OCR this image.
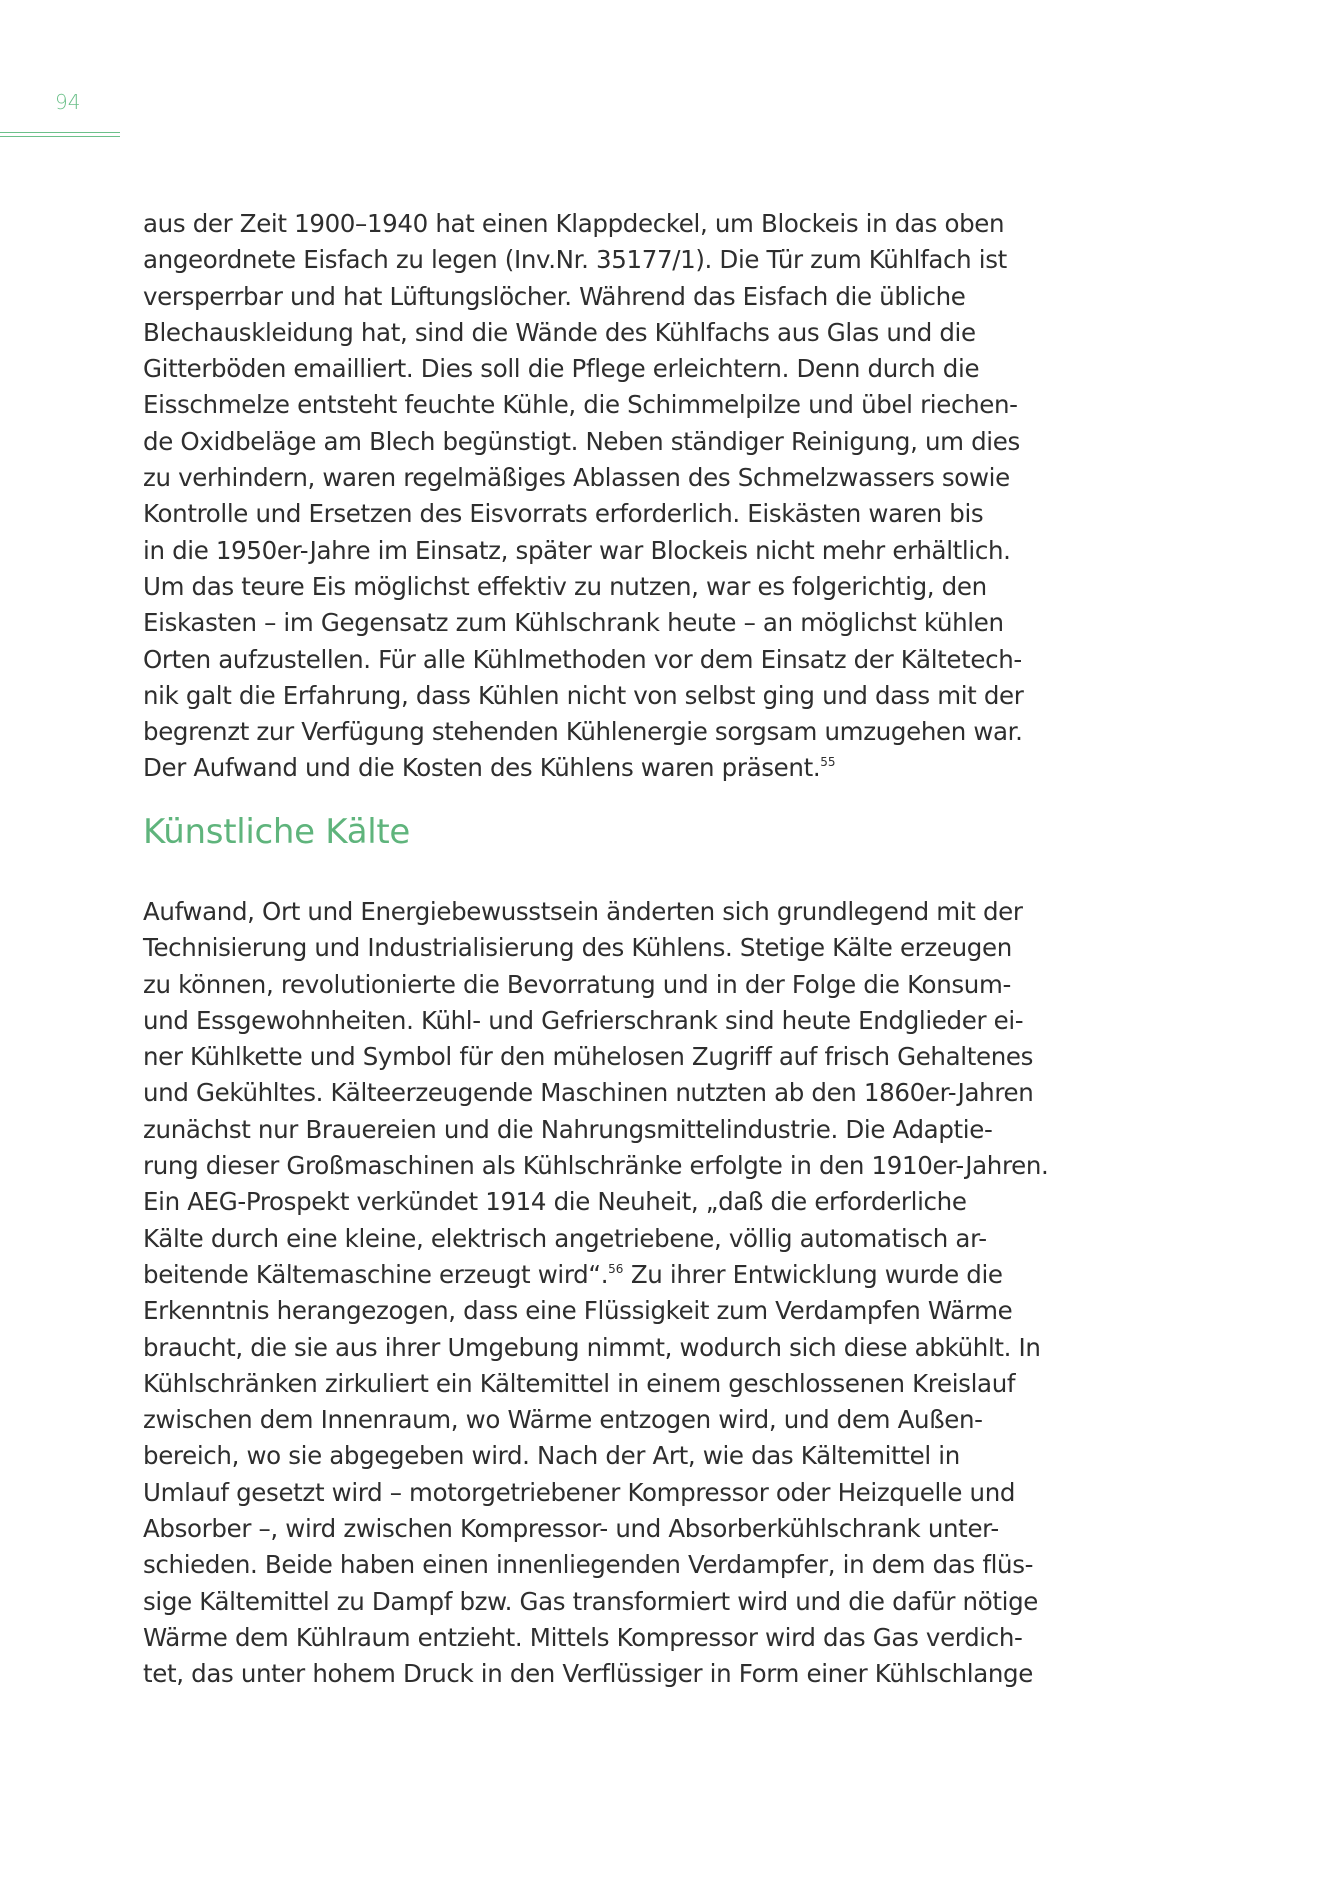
94
aus der Zeit 1900–1940 hat einen Klappdeckel, um Blockeis in das oben
angeordnete Eisfach zu legen (Inv.Nr. 35177/1). Die Tür zum Kühlfach ist
versperrbar und hat Lüftungslöcher. Während das Eisfach die übliche
Blechauskleidung hat, sind die Wände des Kühlfachs aus Glas und die
Gitterböden emailliert. Dies soll die Pflege erleichtern. Denn durch die
Eisschmelze entsteht feuchte Kühle, die Schimmelpilze und übel riechen-
de Oxidbeläge am Blech begünstigt. Neben ständiger Reinigung, um dies
zu verhindern, waren regelmäßiges Ablassen des Schmelzwassers sowie
Kontrolle und Ersetzen des Eisvorrats erforderlich. Eiskästen waren bis
in die 1950er-Jahre im Einsatz, später war Blockeis nicht mehr erhältlich.
Um das teure Eis möglichst effektiv zu nutzen, war es folgerichtig, den
Eiskasten – im Gegensatz zum Kühlschrank heute – an möglichst kühlen
Orten aufzustellen. Für alle Kühlmethoden vor dem Einsatz der Kältetech-
nik galt die Erfahrung, dass Kühlen nicht von selbst ging und dass mit der
begrenzt zur Verfügung stehenden Kühlenergie sorgsam umzugehen war.
Der Aufwand und die Kosten des Kühlens waren präsent.$^{55}$
Künstliche Kälte
Aufwand, Ort und Energiebewusstsein änderten sich grundlegend mit der
Technisierung und Industrialisierung des Kühlens. Stetige Kälte erzeugen
zu können, revolutionierte die Bevorratung und in der Folge die Konsum-
und Essgewohnheiten. Kühl- und Gefrierschrank sind heute Endglieder ei-
ner Kühlkette und Symbol für den mühelosen Zugriff auf frisch Gehaltenes
und Gekühltes. Kälteerzeugende Maschinen nutzten ab den 1860er-Jahren
zunächst nur Brauereien und die Nahrungsmittelindustrie. Die Adaptie-
rung dieser Großmaschinen als Kühlschränke erfolgte in den 1910er-Jahren.
Ein AEG-Prospekt verkündet 1914 die Neuheit, „daß die erforderliche
Kälte durch eine kleine, elektrisch angetriebene, völlig automatisch ar-
beitende Kältemaschine erzeugt wird“.$^{56}$ Zu ihrer Entwicklung wurde die
Erkenntnis herangezogen, dass eine Flüssigkeit zum Verdampfen Wärme
braucht, die sie aus ihrer Umgebung nimmt, wodurch sich diese abkühlt. In
Kühlschränken zirkuliert ein Kältemittel in einem geschlossenen Kreislauf
zwischen dem Innenraum, wo Wärme entzogen wird, und dem Außen-
bereich, wo sie abgegeben wird. Nach der Art, wie das Kältemittel in
Umlauf gesetzt wird – motorgetriebener Kompressor oder Heizquelle und
Absorber –, wird zwischen Kompressor- und Absorberkühlschrank unter-
schieden. Beide haben einen innenliegenden Verdampfer, in dem das flüs-
sige Kältemittel zu Dampf bzw. Gas transformiert wird und die dafür nötige
Wärme dem Kühlraum entzieht. Mittels Kompressor wird das Gas verdich-
tet, das unter hohem Druck in den Verflüssiger in Form einer Kühlschlange
